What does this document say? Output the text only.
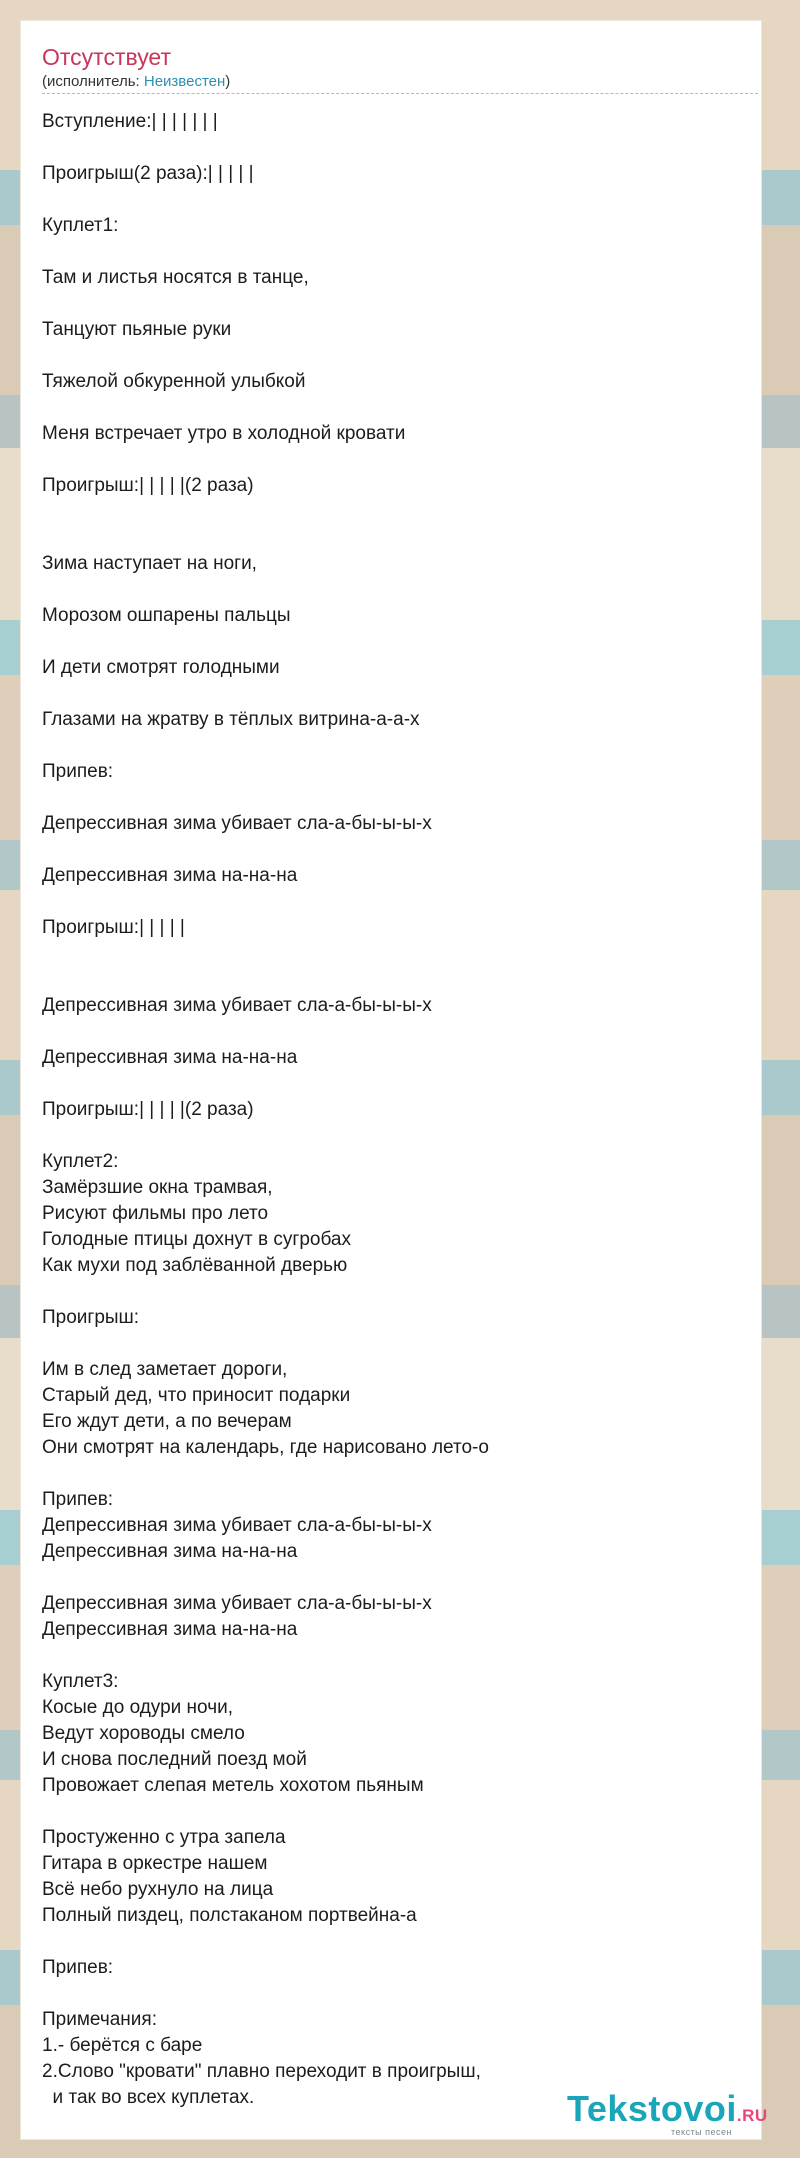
Отсутствует
(исполнитель: Неизвестен)
Вступление:| | | | | | |
Проигрыш(2 раза):| | | | |
Куплет1:
Там и листья носятся в танце,
Танцуют пьяные руки
Тяжелой обкуренной улыбкой
Меня встречает утро в холодной кровати
Проигрыш:| | | | |(2 раза)
Зима наступает на ноги,
Морозом ошпарены пальцы
И дети смотрят голодными
Глазами на жратву в тёплых витрина-а-а-х
Припев:
Депрессивная зима убивает сла-а-бы-ы-ы-х
Депрессивная зима на-на-на
Проигрыш:| | | | |
Депрессивная зима убивает сла-а-бы-ы-ы-х
Депрессивная зима на-на-на
Проигрыш:| | | | |(2 раза)
Куплет2:
Замёрзшие окна трамвая,
Рисуют фильмы про лето
Голодные птицы дохнут в сугробах
Как мухи под заблёванной дверью
Проигрыш:
Им в след заметает дороги,
Старый дед, что приносит подарки
Его ждут дети, а по вечерам
Они смотрят на календарь, где нарисовано лето-о
Припев:
Депрессивная зима убивает сла-а-бы-ы-ы-х
Депрессивная зима на-на-на
Депрессивная зима убивает сла-а-бы-ы-ы-х
Депрессивная зима на-на-на
Куплет3:
Косые до одури ночи,
Ведут хороводы смело
И снова последний поезд мой
Провожает слепая метель хохотом пьяным
Простуженно с утра запела
Гитара в оркестре нашем
Всё небо рухнуло на лица
Полный пиздец, полстаканом портвейна-а
Припев:
Примечания:
1.- берётся с баре
2.Слово "кровати" плавно переходит в проигрыш,
и так во всех куплетах.	Tekstovoi.RU
тексты песен
